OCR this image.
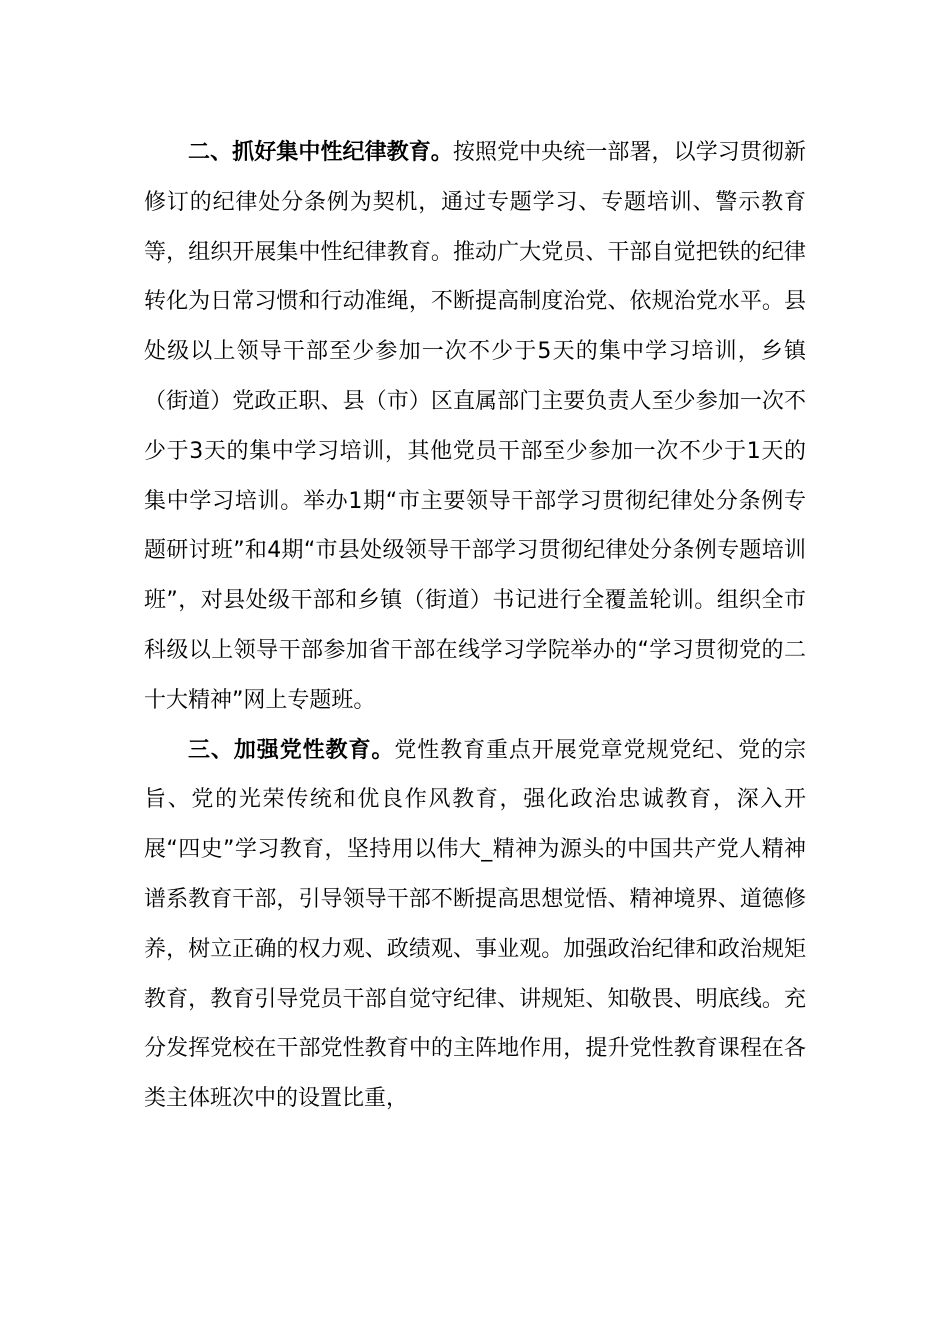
二、抓好集中性纪律教育。按照党中央统一部署，以学习贯彻新修订的纪律处分条例为契机，通过专题学习、专题培训、警示教育等，组织开展集中性纪律教育。推动广大党员、干部自觉把铁的纪律转化为日常习惯和行动准绳，不断提高制度治党、依规治党水平。县处级以上领导干部至少参加一次不少于5天的集中学习培训，乡镇（街道）党政正职、县（市）区直属部门主要负责人至少参加一次不少于3天的集中学习培训，其他党员干部至少参加一次不少于1天的集中学习培训。举办1期“市主要领导干部学习贯彻纪律处分条例专题研讨班”和4期“市县处级领导干部学习贯彻纪律处分条例专题培训班”，对县处级干部和乡镇（街道）书记进行全覆盖轮训。组织全市科级以上领导干部参加省干部在线学习学院举办的“学习贯彻党的二十大精神”网上专题班。

三、加强党性教育。党性教育重点开展党章党规党纪、党的宗旨、党的光荣传统和优良作风教育，强化政治忠诚教育，深入开展“四史”学习教育，坚持用以伟大_精神为源头的中国共产党人精神谱系教育干部，引导领导干部不断提高思想觉悟、精神境界、道德修养，树立正确的权力观、政绩观、事业观。加强政治纪律和政治规矩教育，教育引导党员干部自觉守纪律、讲规矩、知敬畏、明底线。充分发挥党校在干部党性教育中的主阵地作用，提升党性教育课程在各类主体班次中的设置比重，
